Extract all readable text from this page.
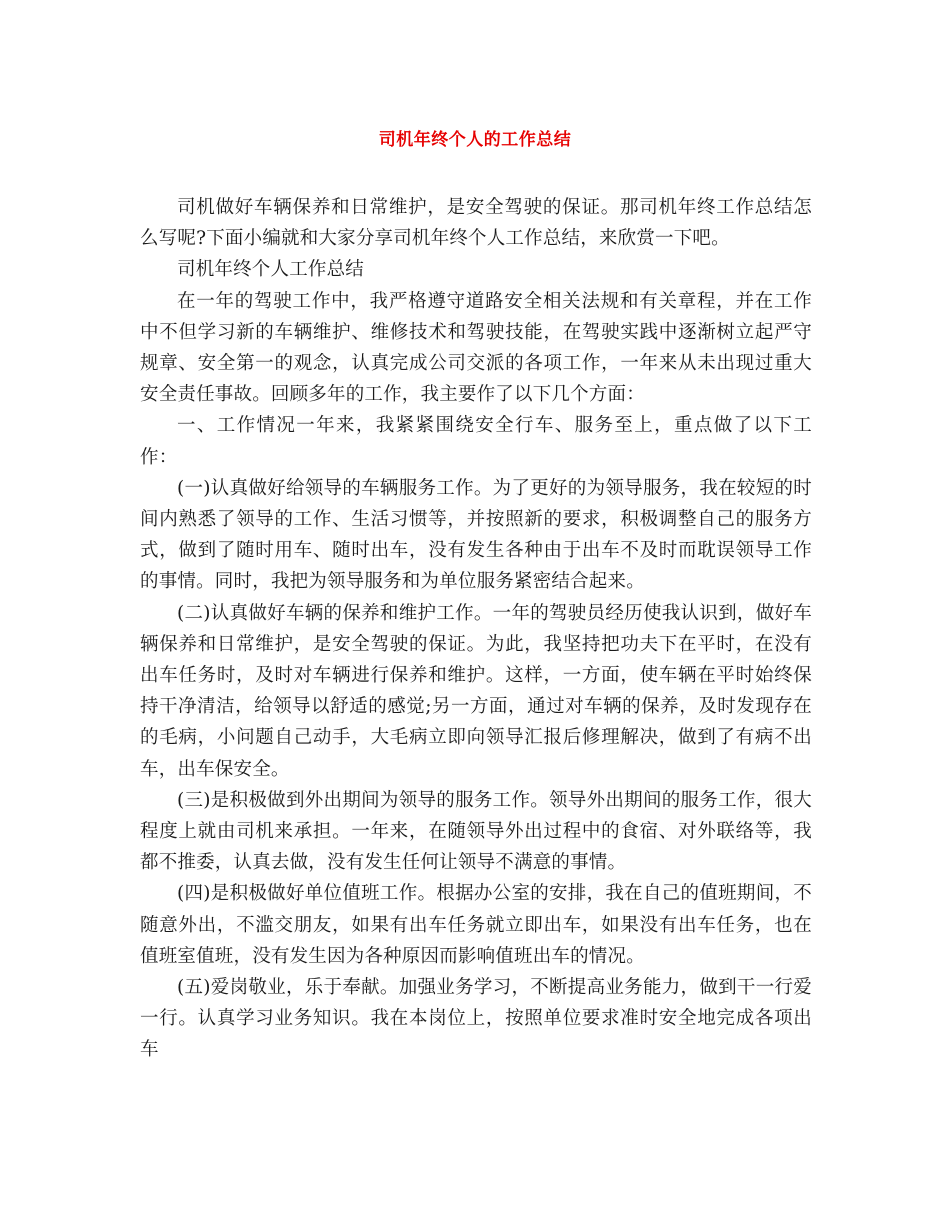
司机年终个人的工作总结

司机做好车辆保养和日常维护，是安全驾驶的保证。那司机年终工作总结怎么写呢?下面小编就和大家分享司机年终个人工作总结，来欣赏一下吧。

司机年终个人工作总结

在一年的驾驶工作中，我严格遵守道路安全相关法规和有关章程，并在工作中不但学习新的车辆维护、维修技术和驾驶技能，在驾驶实践中逐渐树立起严守规章、安全第一的观念，认真完成公司交派的各项工作，一年来从未出现过重大安全责任事故。回顾多年的工作，我主要作了以下几个方面：

一、工作情况一年来，我紧紧围绕安全行车、服务至上，重点做了以下工作：

(一)认真做好给领导的车辆服务工作。为了更好的为领导服务，我在较短的时间内熟悉了领导的工作、生活习惯等，并按照新的要求，积极调整自己的服务方式，做到了随时用车、随时出车，没有发生各种由于出车不及时而耽误领导工作的事情。同时，我把为领导服务和为单位服务紧密结合起来。

(二)认真做好车辆的保养和维护工作。一年的驾驶员经历使我认识到，做好车辆保养和日常维护，是安全驾驶的保证。为此，我坚持把功夫下在平时，在没有出车任务时，及时对车辆进行保养和维护。这样，一方面，使车辆在平时始终保持干净清洁，给领导以舒适的感觉;另一方面，通过对车辆的保养，及时发现存在的毛病，小问题自己动手，大毛病立即向领导汇报后修理解决，做到了有病不出车，出车保安全。

(三)是积极做到外出期间为领导的服务工作。领导外出期间的服务工作，很大程度上就由司机来承担。一年来，在随领导外出过程中的食宿、对外联络等，我都不推委，认真去做，没有发生任何让领导不满意的事情。

(四)是积极做好单位值班工作。根据办公室的安排，我在自己的值班期间，不随意外出，不滥交朋友，如果有出车任务就立即出车，如果没有出车任务，也在值班室值班，没有发生因为各种原因而影响值班出车的情况。

(五)爱岗敬业，乐于奉献。加强业务学习，不断提高业务能力，做到干一行爱一行。认真学习业务知识。我在本岗位上，按照单位要求准时安全地完成各项出车
